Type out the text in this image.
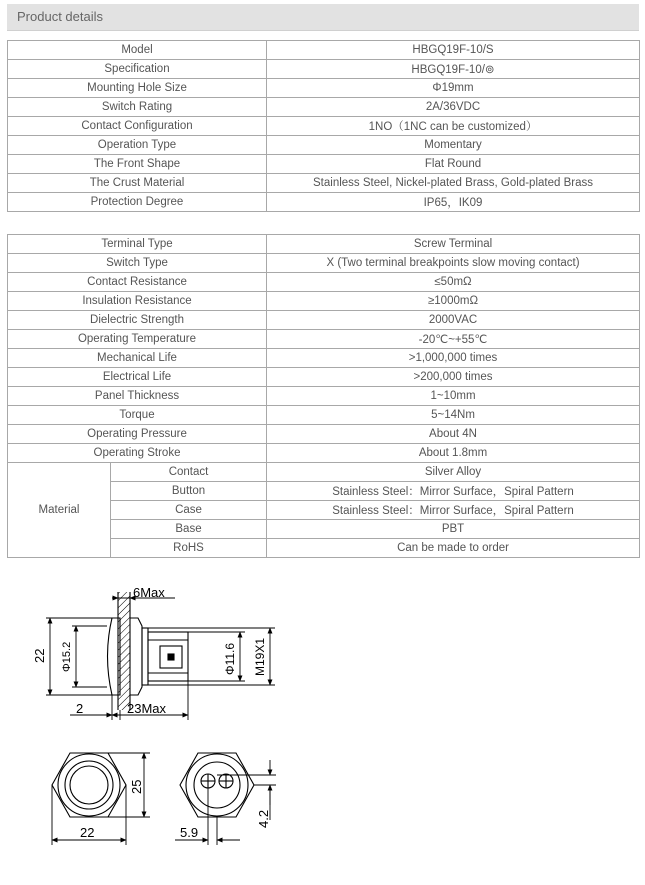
Product details
Model	HBGQ19F-10/S
Specification	HBGQ19F-10/⊚
Mounting Hole Size	Φ19mm
Switch Rating	2A/36VDC
Contact Configuration	1NO（1NC can be customized）
Operation Type	Momentary
The Front Shape	Flat Round
The Crust Material	Stainless Steel, Nickel-plated Brass, Gold-plated Brass
Protection Degree	IP65，IK09
Terminal Type		Screw Terminal
Switch Type		X (Two terminal breakpoints slow moving contact)
Contact Resistance		≤50mΩ
Insulation Resistance		≥1000mΩ
Dielectric Strength		2000VAC
Operating Temperature		-20℃~+55℃
Mechanical Life		>1,000,000 times
Electrical Life		>200,000 times
Panel Thickness		1~10mm
Torque		5~14Nm
Operating Pressure		About 4N
Operating Stroke		About 1.8mm
Material	Contact	Silver Alloy
	Button	Stainless Steel：Mirror Surface，Spiral Pattern
	Case	Stainless Steel：Mirror Surface，Spiral Pattern
	Base	PBT
	RoHS	Can be made to order
6Max
22 Φ15.2	Φ11.6 M19X1
2	23Max
25
22
4.2
5.9
